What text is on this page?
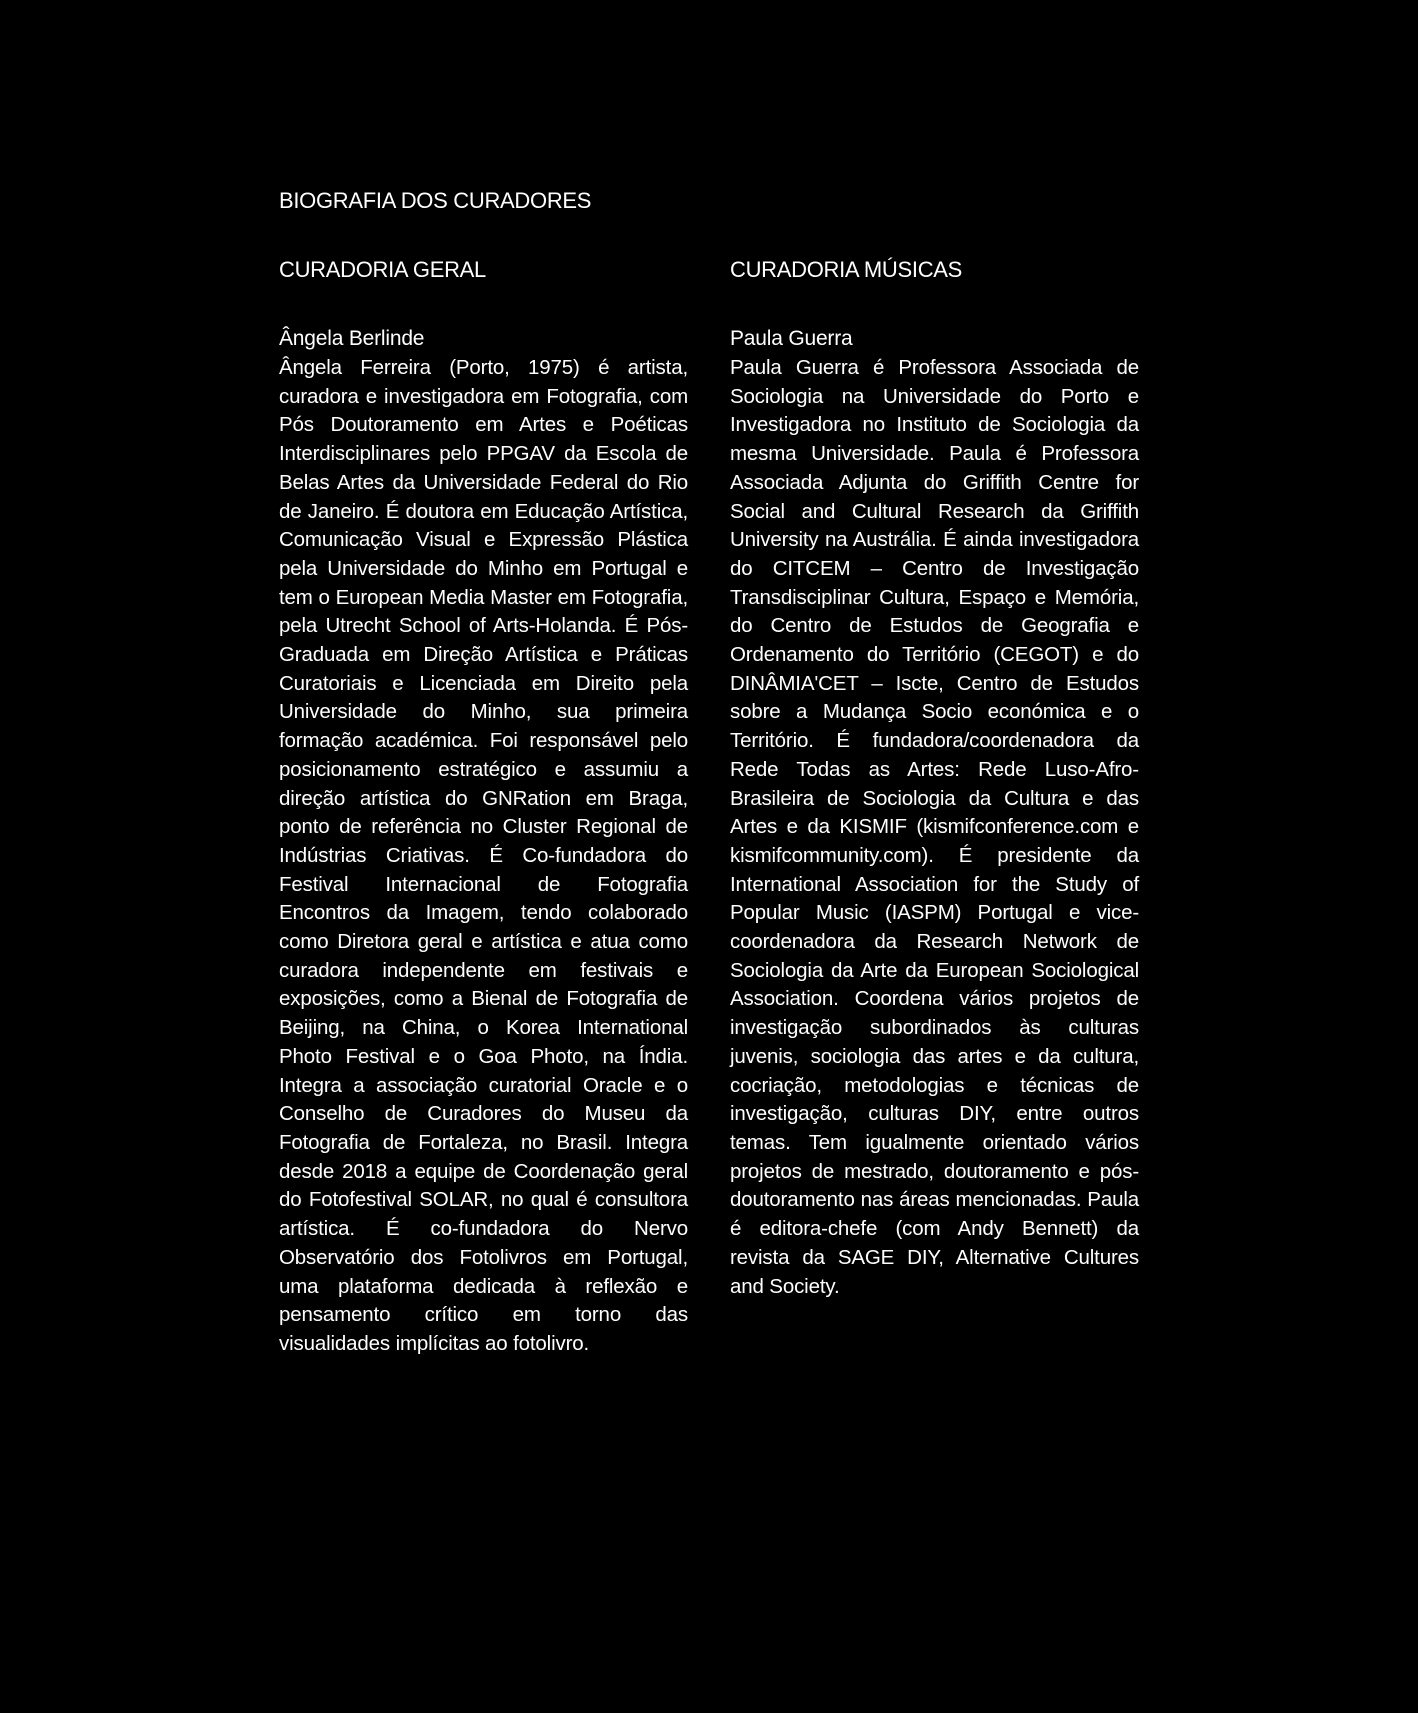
BIOGRAFIA DOS CURADORES
CURADORIA GERAL
Ângela Berlinde
Ângela Ferreira (Porto, 1975) é artista, curadora e investigadora em Fotografia, com Pós Doutoramento em Artes e Poéticas Interdisciplinares pelo PPGAV da Escola de Belas Artes da Universidade Federal do Rio de Janeiro. É doutora em Educação Artística, Comunicação Visual e Expressão Plástica pela Universidade do Minho em Portugal e tem o European Media Master em Fotografia, pela Utrecht School of Arts-Holanda. É Pós-Graduada em Direção Artística e Práticas Curatoriais e Licenciada em Direito pela Universidade do Minho, sua primeira formação académica. Foi responsável pelo posicionamento estratégico e assumiu a direção artística do GNRation em Braga, ponto de referência no Cluster Regional de Indústrias Criativas. É Co-fundadora do Festival Internacional de Fotografia Encontros da Imagem, tendo colaborado como Diretora geral e artística e atua como curadora independente em festivais e exposições, como a Bienal de Fotografia de Beijing, na China, o Korea International Photo Festival e o Goa Photo, na Índia. Integra a associação curatorial Oracle e o Conselho de Curadores do Museu da Fotografia de Fortaleza, no Brasil. Integra desde 2018 a equipe de Coordenação geral do Fotofestival SOLAR, no qual é consultora artística. É co-fundadora do Nervo Observatório dos Fotolivros em Portugal, uma plataforma dedicada à reflexão e pensamento crítico em torno das visualidades implícitas ao fotolivro.
CURADORIA MÚSICAS
Paula Guerra
Paula Guerra é Professora Associada de Sociologia na Universidade do Porto e Investigadora no Instituto de Sociologia da mesma Universidade. Paula é Professora Associada Adjunta do Griffith Centre for Social and Cultural Research da Griffith University na Austrália. É ainda investigadora do CITCEM – Centro de Investigação Transdisciplinar Cultura, Espaço e Memória, do Centro de Estudos de Geografia e Ordenamento do Território (CEGOT) e do DINÂMIA'CET – Iscte, Centro de Estudos sobre a Mudança Socio económica e o Território. É fundadora/coordenadora da Rede Todas as Artes: Rede Luso-Afro-Brasileira de Sociologia da Cultura e das Artes e da KISMIF (kismifconference.com e kismifcommunity.com). É presidente da International Association for the Study of Popular Music (IASPM) Portugal e vice-coordenadora da Research Network de Sociologia da Arte da European Sociological Association. Coordena vários projetos de investigação subordinados às culturas juvenis, sociologia das artes e da cultura, cocriação, metodologias e técnicas de investigação, culturas DIY, entre outros temas. Tem igualmente orientado vários projetos de mestrado, doutoramento e pós-doutoramento nas áreas mencionadas. Paula é editora-chefe (com Andy Bennett) da revista da SAGE DIY, Alternative Cultures and Society.
